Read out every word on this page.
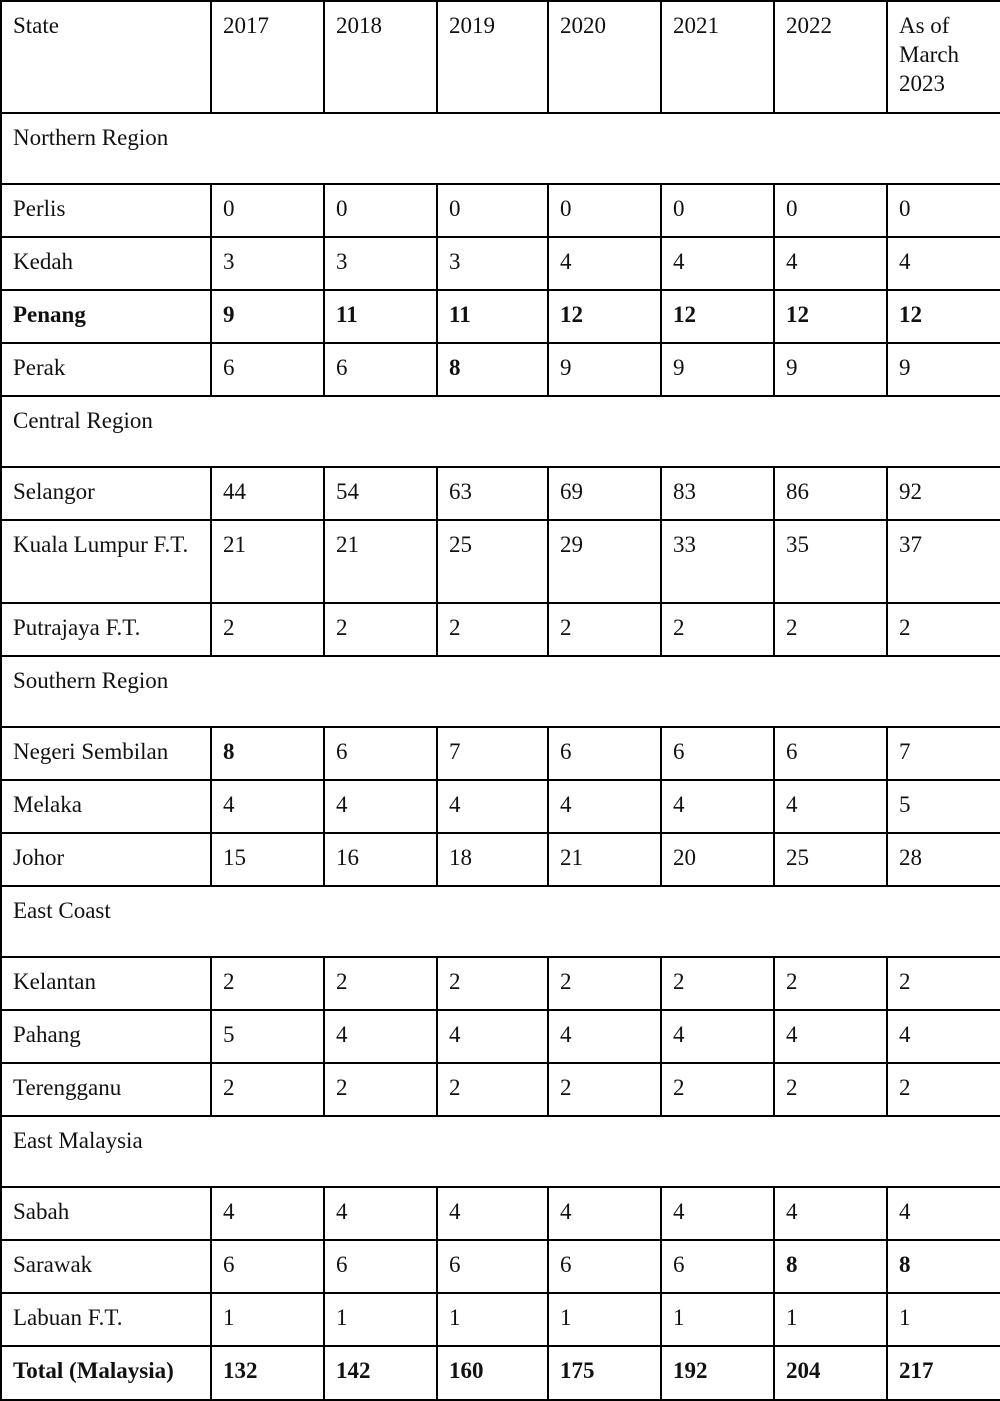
State	2017	2018	2019	2020	2021	2022	As of March 2023
Northern Region							
Perlis	0	0	0	0	0	0	0
Kedah	3	3	3	4	4	4	4
Penang	9	11	11	12	12	12	12
Perak	6	6	8	9	9	9	9
Central Region							
Selangor	44	54	63	69	83	86	92
Kuala Lumpur F.T.	21	21	25	29	33	35	37
Putrajaya F.T.	2	2	2	2	2	2	2
Southern Region							
Negeri Sembilan	8	6	7	6	6	6	7
Melaka	4	4	4	4	4	4	5
Johor	15	16	18	21	20	25	28
East Coast							
Kelantan	2	2	2	2	2	2	2
Pahang	5	4	4	4	4	4	4
Terengganu	2	2	2	2	2	2	2
East Malaysia							
Sabah	4	4	4	4	4	4	4
Sarawak	6	6	6	6	6	8	8
Labuan F.T.	1	1	1	1	1	1	1
Total (Malaysia)	132	142	160	175	192	204	217
